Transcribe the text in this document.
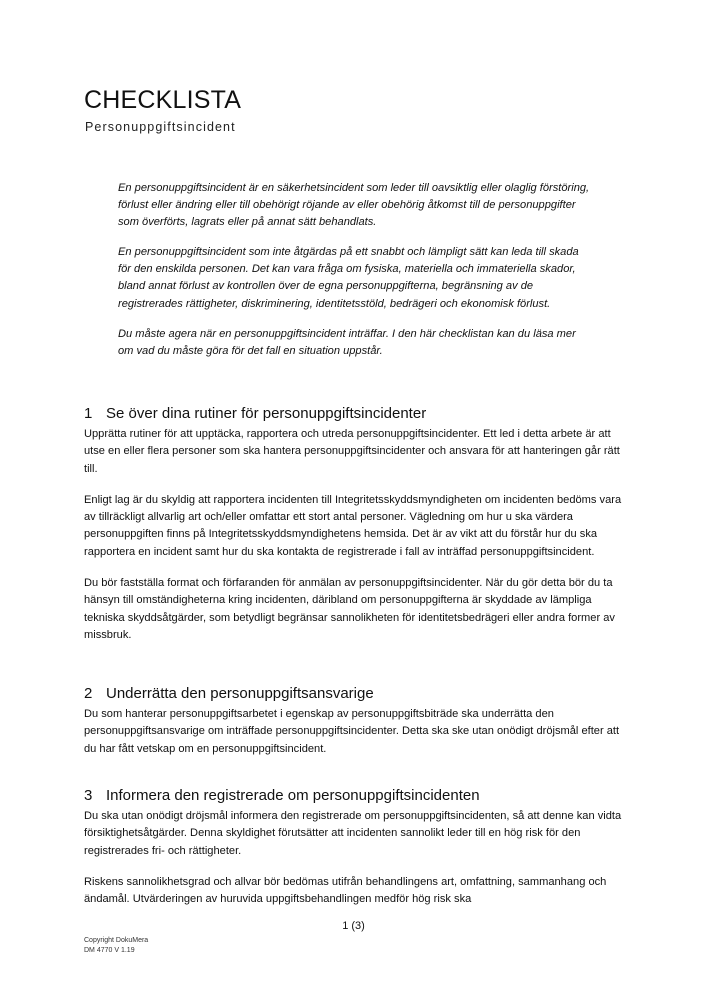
CHECKLISTA
Personuppgiftsincident

En personuppgiftsincident är en säkerhetsincident som leder till oavsiktlig eller olaglig förstöring, förlust eller ändring eller till obehörigt röjande av eller obehörig åtkomst till de personuppgifter som överförts, lagrats eller på annat sätt behandlats.

En personuppgiftsincident som inte åtgärdas på ett snabbt och lämpligt sätt kan leda till skada för den enskilda personen. Det kan vara fråga om fysiska, materiella och immateriella skador, bland annat förlust av kontrollen över de egna personuppgifterna, begränsning av de registrerades rättigheter, diskriminering, identitetsstöld, bedrägeri och ekonomisk förlust.

Du måste agera när en personuppgiftsincident inträffar. I den här checklistan kan du läsa mer om vad du måste göra för det fall en situation uppstår.

1 Se över dina rutiner för personuppgiftsincidenter

Upprätta rutiner för att upptäcka, rapportera och utreda personuppgiftsincidenter. Ett led i detta arbete är att utse en eller flera personer som ska hantera personuppgiftsincidenter och ansvara för att hanteringen går rätt till.

Enligt lag är du skyldig att rapportera incidenten till Integritetsskyddsmyndigheten om incidenten bedöms vara av tillräckligt allvarlig art och/eller omfattar ett stort antal personer. Vägledning om hur u ska värdera personuppgiften finns på Integritetsskyddsmyndighetens hemsida. Det är av vikt att du förstår hur du ska rapportera en incident samt hur du ska kontakta de registrerade i fall av inträffad personuppgiftsincident.

Du bör fastställa format och förfaranden för anmälan av personuppgiftsincidenter. När du gör detta bör du ta hänsyn till omständigheterna kring incidenten, däribland om personuppgifterna är skyddade av lämpliga tekniska skyddsåtgärder, som betydligt begränsar sannolikheten för identitetsbedrägeri eller andra former av missbruk.

2 Underrätta den personuppgiftsansvarige

Du som hanterar personuppgiftsarbetet i egenskap av personuppgiftsbiträde ska underrätta den personuppgiftsansvarige om inträffade personuppgiftsincidenter. Detta ska ske utan onödigt dröjsmål efter att du har fått vetskap om en personuppgiftsincident.

3 Informera den registrerade om personuppgiftsincidenten

Du ska utan onödigt dröjsmål informera den registrerade om personuppgiftsincidenten, så att denne kan vidta försiktighetsåtgärder. Denna skyldighet förutsätter att incidenten sannolikt leder till en hög risk för den registrerades fri- och rättigheter.

Riskens sannolikhetsgrad och allvar bör bedömas utifrån behandlingens art, omfattning, sammanhang och ändamål. Utvärderingen av huruvida uppgiftsbehandlingen medför hög risk ska

1 (3)
Copyright DokuMera
DM 4770 V 1.19
